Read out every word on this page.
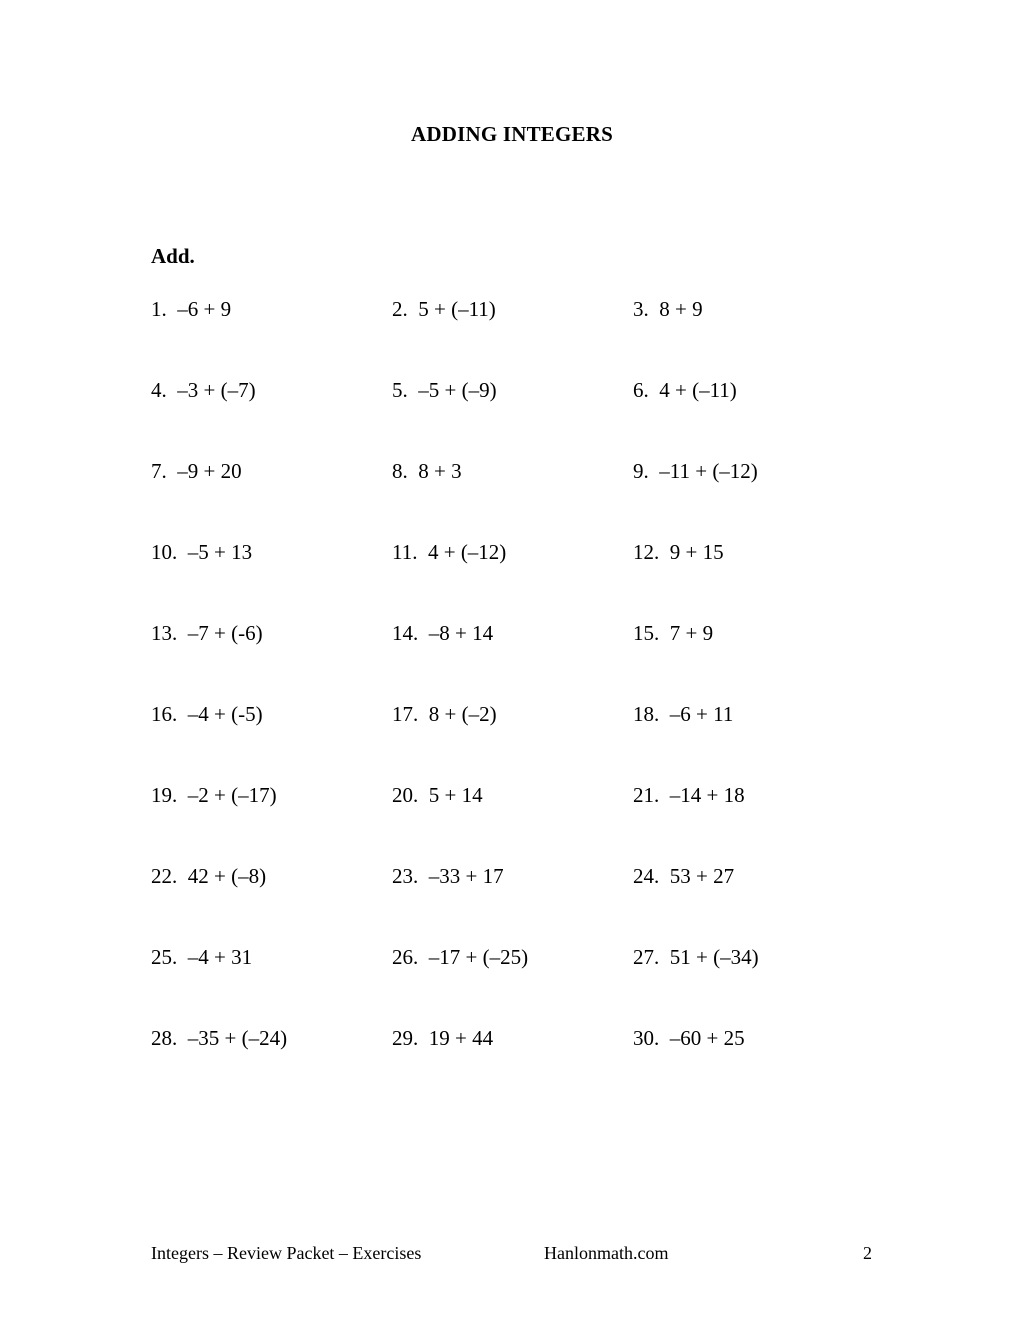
ADDING INTEGERS
Add.
1.  –6 + 9	2.  5 + (–11)	3.  8 + 9
4.  –3 + (–7)	5.  –5 + (–9)	6.  4 + (–11)
7.  –9 + 20	8.  8 + 3	9.  –11 + (–12)
10.  –5 + 13	11.  4 + (–12)	12.  9 + 15
13.  –7 + (-6)	14.  –8 + 14	15.  7 + 9
16.  –4 + (-5)	17.  8 + (–2)	18.  –6 + 11
19.  –2 + (–17)	20.  5 + 14	21.  –14 + 18
22.  42 + (–8)	23.  –33 + 17	24.  53 + 27
25.  –4 + 31	26.  –17 + (–25)	27.  51 + (–34)
28.  –35 + (–24)	29.  19 + 44	30.  –60 + 25
Integers – Review Packet – Exercises	Hanlonmath.com	2
